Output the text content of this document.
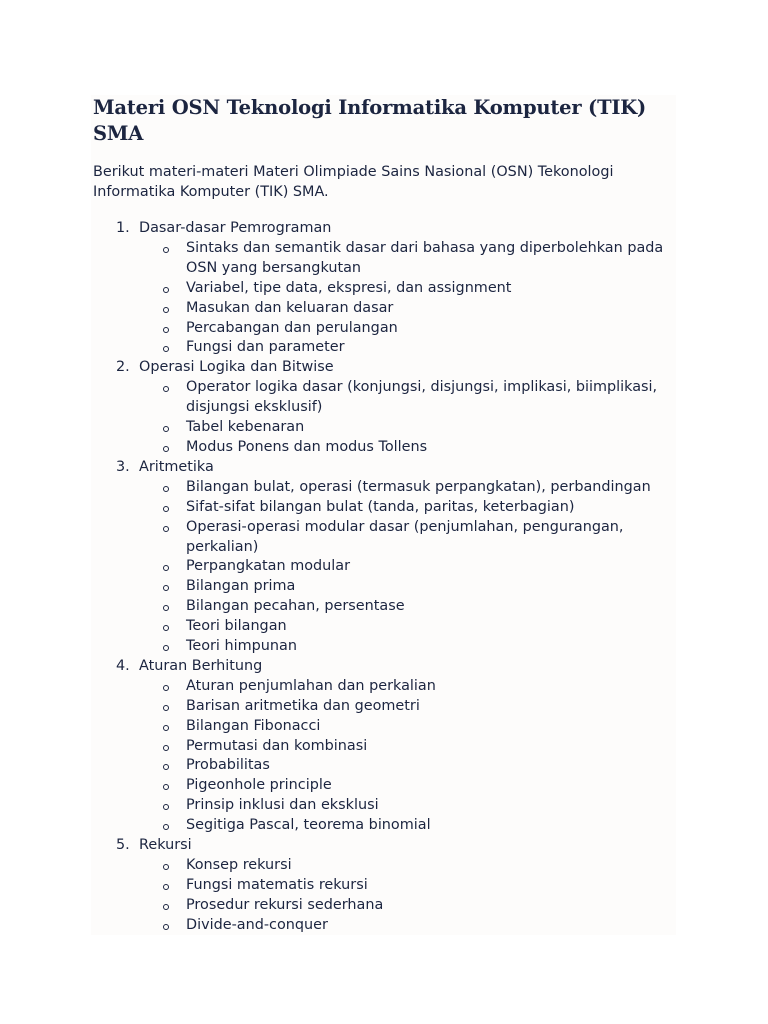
Materi OSN Teknologi Informatika Komputer (TIK) SMA

Berikut materi-materi Materi Olimpiade Sains Nasional (OSN) Tekonologi Informatika Komputer (TIK) SMA.

1. Dasar-dasar Pemrograman
Sintaks dan semantik dasar dari bahasa yang diperbolehkan pada OSN yang bersangkutan
Variabel, tipe data, ekspresi, dan assignment
Masukan dan keluaran dasar
Percabangan dan perulangan
Fungsi dan parameter
2. Operasi Logika dan Bitwise
Operator logika dasar (konjungsi, disjungsi, implikasi, biimplikasi, disjungsi eksklusif)
Tabel kebenaran
Modus Ponens dan modus Tollens
3. Aritmetika
Bilangan bulat, operasi (termasuk perpangkatan), perbandingan
Sifat-sifat bilangan bulat (tanda, paritas, keterbagian)
Operasi-operasi modular dasar (penjumlahan, pengurangan, perkalian)
Perpangkatan modular
Bilangan prima
Bilangan pecahan, persentase
Teori bilangan
Teori himpunan
4. Aturan Berhitung
Aturan penjumlahan dan perkalian
Barisan aritmetika dan geometri
Bilangan Fibonacci
Permutasi dan kombinasi
Probabilitas
Pigeonhole principle
Prinsip inklusi dan eksklusi
Segitiga Pascal, teorema binomial
5. Rekursi
Konsep rekursi
Fungsi matematis rekursi
Prosedur rekursi sederhana
Divide-and-conquer
